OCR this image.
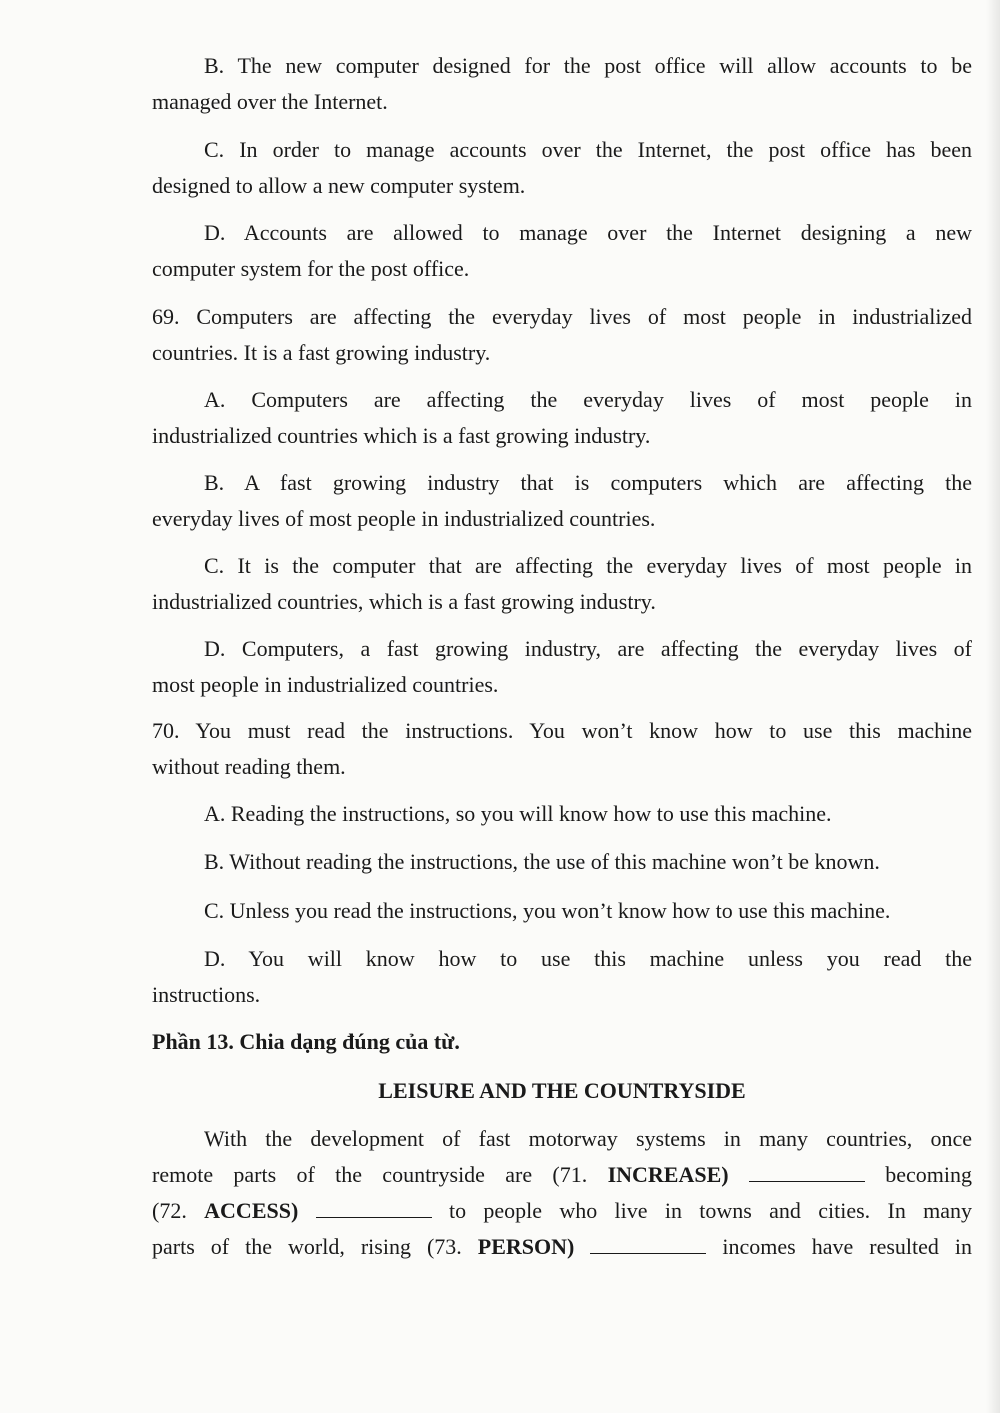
B. The new computer designed for the post office will allow accounts to be
managed over the Internet.
C. In order to manage accounts over the Internet, the post office has been
designed to allow a new computer system.
D. Accounts are allowed to manage over the Internet designing a new
computer system for the post office.
69. Computers are affecting the everyday lives of most people in industrialized
countries. It is a fast growing industry.
A. Computers are affecting the everyday lives of most people in
industrialized countries which is a fast growing industry.
B. A fast growing industry that is computers which are affecting the
everyday lives of most people in industrialized countries.
C. It is the computer that are affecting the everyday lives of most people in
industrialized countries, which is a fast growing industry.
D. Computers, a fast growing industry, are affecting the everyday lives of
most people in industrialized countries.
70. You must read the instructions. You won’t know how to use this machine
without reading them.
A. Reading the instructions, so you will know how to use this machine.
B. Without reading the instructions, the use of this machine won’t be known.
C. Unless you read the instructions, you won’t know how to use this machine.
D. You will know how to use this machine unless you read the
instructions.
Phần 13. Chia dạng đúng của từ.
LEISURE AND THE COUNTRYSIDE
With the development of fast motorway systems in many countries, once
remote parts of the countryside are (71. INCREASE)	becoming
(72. ACCESS)	to people who live in towns and cities. In many
parts of the world, rising (73. PERSON)	incomes have resulted in
